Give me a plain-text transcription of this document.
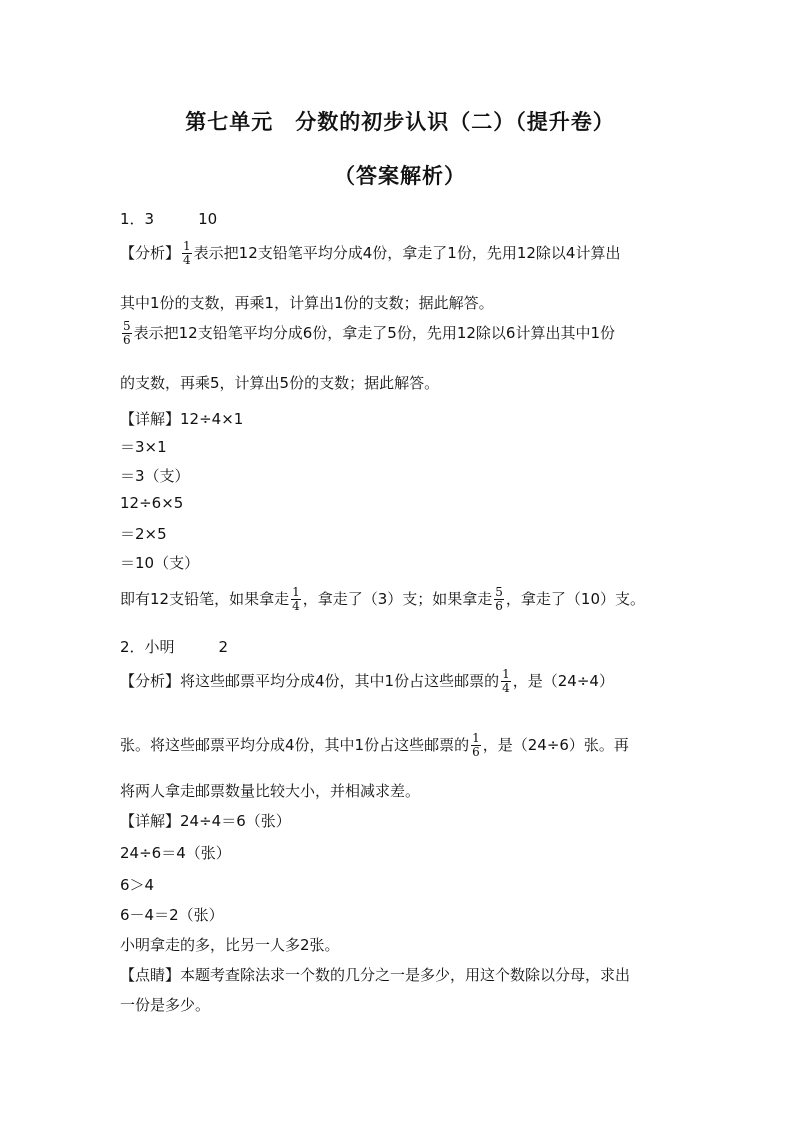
第七单元　分数的初步认识（二）（提升卷）
（答案解析）
1．3	10
【分析】 $\frac{1}{4}$ 表示把12支铅笔平均分成4份，拿走了1份，先用12除以4计算出
其中1份的支数，再乘1，计算出1份的支数；据此解答。
$\frac{5}{6}$ 表示把12支铅笔平均分成6份，拿走了5份，先用12除以6计算出其中1份
的支数，再乘5，计算出5份的支数；据此解答。
【详解】12÷4×1
＝3×1
＝3（支）
12÷6×5
＝2×5
＝10（支）
即有12支铅笔，如果拿走 $\frac{1}{4}$ ，拿走了（3）支；如果拿走 $\frac{5}{6}$ ，拿走了（10）支。
2．小明	2
【分析】将这些邮票平均分成4份，其中1份占这些邮票的 $\frac{1}{4}$ ，是（24÷4）
张。将这些邮票平均分成4份，其中1份占这些邮票的 $\frac{1}{6}$ ，是（24÷6）张。再
将两人拿走邮票数量比较大小，并相减求差。
【详解】24÷4＝6（张）
24÷6＝4（张）
6＞4
6－4＝2（张）
小明拿走的多，比另一人多2张。
【点睛】本题考查除法求一个数的几分之一是多少，用这个数除以分母，求出
一份是多少。
